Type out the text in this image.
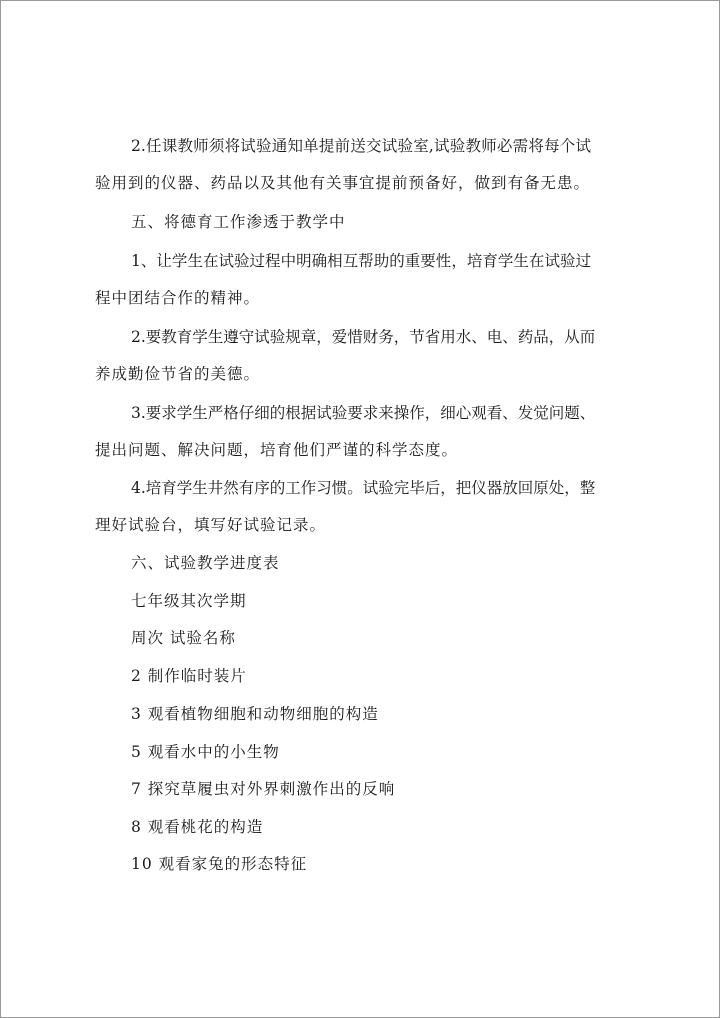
2.任课教师须将试验通知单提前送交试验室,试验教师必需将每个试
验用到的仪器、药品以及其他有关事宜提前预备好，做到有备无患。
五、将德育工作渗透于教学中
1、让学生在试验过程中明确相互帮助的重要性，培育学生在试验过
程中团结合作的精神。
2.要教育学生遵守试验规章，爱惜财务，节省用水、电、药品，从而
养成勤俭节省的美德。
3.要求学生严格仔细的根据试验要求来操作，细心观看、发觉问题、
提出问题、解决问题，培育他们严谨的科学态度。
4.培育学生井然有序的工作习惯。试验完毕后，把仪器放回原处，整
理好试验台，填写好试验记录。
六、试验教学进度表
七年级其次学期
周次 试验名称
2 制作临时装片
3 观看植物细胞和动物细胞的构造
5 观看水中的小生物
7 探究草履虫对外界刺激作出的反响
8 观看桃花的构造
10 观看家兔的形态特征
